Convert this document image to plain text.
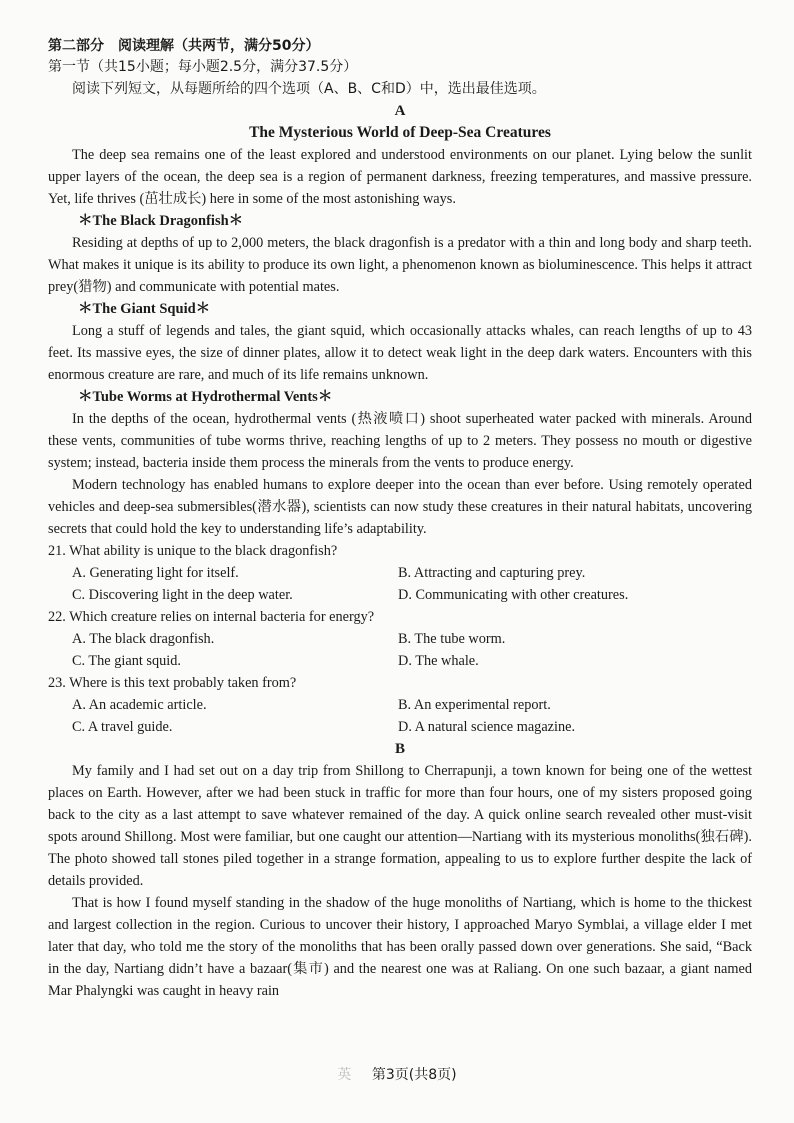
第二部分　阅读理解（共两节，满分50分）
第一节（共15小题；每小题2.5分，满分37.5分）
阅读下列短文，从每题所给的四个选项（A、B、C和D）中，选出最佳选项。
A
The Mysterious World of Deep-Sea Creatures

The deep sea remains one of the least explored and understood environments on our planet. Lying below the sunlit upper layers of the ocean, the deep sea is a region of permanent darkness, freezing temperatures, and massive pressure. Yet, life thrives (茁壮成长) here in some of the most astonishing ways.

＊The Black Dragonfish＊

Residing at depths of up to 2,000 meters, the black dragonfish is a predator with a thin and long body and sharp teeth. What makes it unique is its ability to produce its own light, a phenomenon known as bioluminescence. This helps it attract prey(猎物) and communicate with potential mates.

＊The Giant Squid＊

Long a stuff of legends and tales, the giant squid, which occasionally attacks whales, can reach lengths of up to 43 feet. Its massive eyes, the size of dinner plates, allow it to detect weak light in the deep dark waters. Encounters with this enormous creature are rare, and much of its life remains unknown.

＊Tube Worms at Hydrothermal Vents＊

In the depths of the ocean, hydrothermal vents (热液喷口) shoot superheated water packed with minerals. Around these vents, communities of tube worms thrive, reaching lengths of up to 2 meters. They possess no mouth or digestive system; instead, bacteria inside them process the minerals from the vents to produce energy.

Modern technology has enabled humans to explore deeper into the ocean than ever before. Using remotely operated vehicles and deep-sea submersibles(潜水器), scientists can now study these creatures in their natural habitats, uncovering secrets that could hold the key to understanding life’s adaptability.

21. What ability is unique to the black dragonfish?
A. Generating light for itself.	B. Attracting and capturing prey.
C. Discovering light in the deep water.	D. Communicating with other creatures.
22. Which creature relies on internal bacteria for energy?
A. The black dragonfish.	B. The tube worm.
C. The giant squid.	D. The whale.
23. Where is this text probably taken from?
A. An academic article.	B. An experimental report.
C. A travel guide.	D. A natural science magazine.
B

My family and I had set out on a day trip from Shillong to Cherrapunji, a town known for being one of the wettest places on Earth. However, after we had been stuck in traffic for more than four hours, one of my sisters proposed going back to the city as a last attempt to save whatever remained of the day. A quick online search revealed other must-visit spots around Shillong. Most were familiar, but one caught our attention—Nartiang with its mysterious monoliths(独石碑). The photo showed tall stones piled together in a strange formation, appealing to us to explore further despite the lack of details provided.

That is how I found myself standing in the shadow of the huge monoliths of Nartiang, which is home to the thickest and largest collection in the region. Curious to uncover their history, I approached Maryo Symblai, a village elder I met later that day, who told me the story of the monoliths that has been orally passed down over generations. She said, “Back in the day, Nartiang didn’t have a bazaar(集市) and the nearest one was at Raliang. On one such bazaar, a giant named Mar Phalyngki was caught in heavy rain

英 第3页(共8页)
